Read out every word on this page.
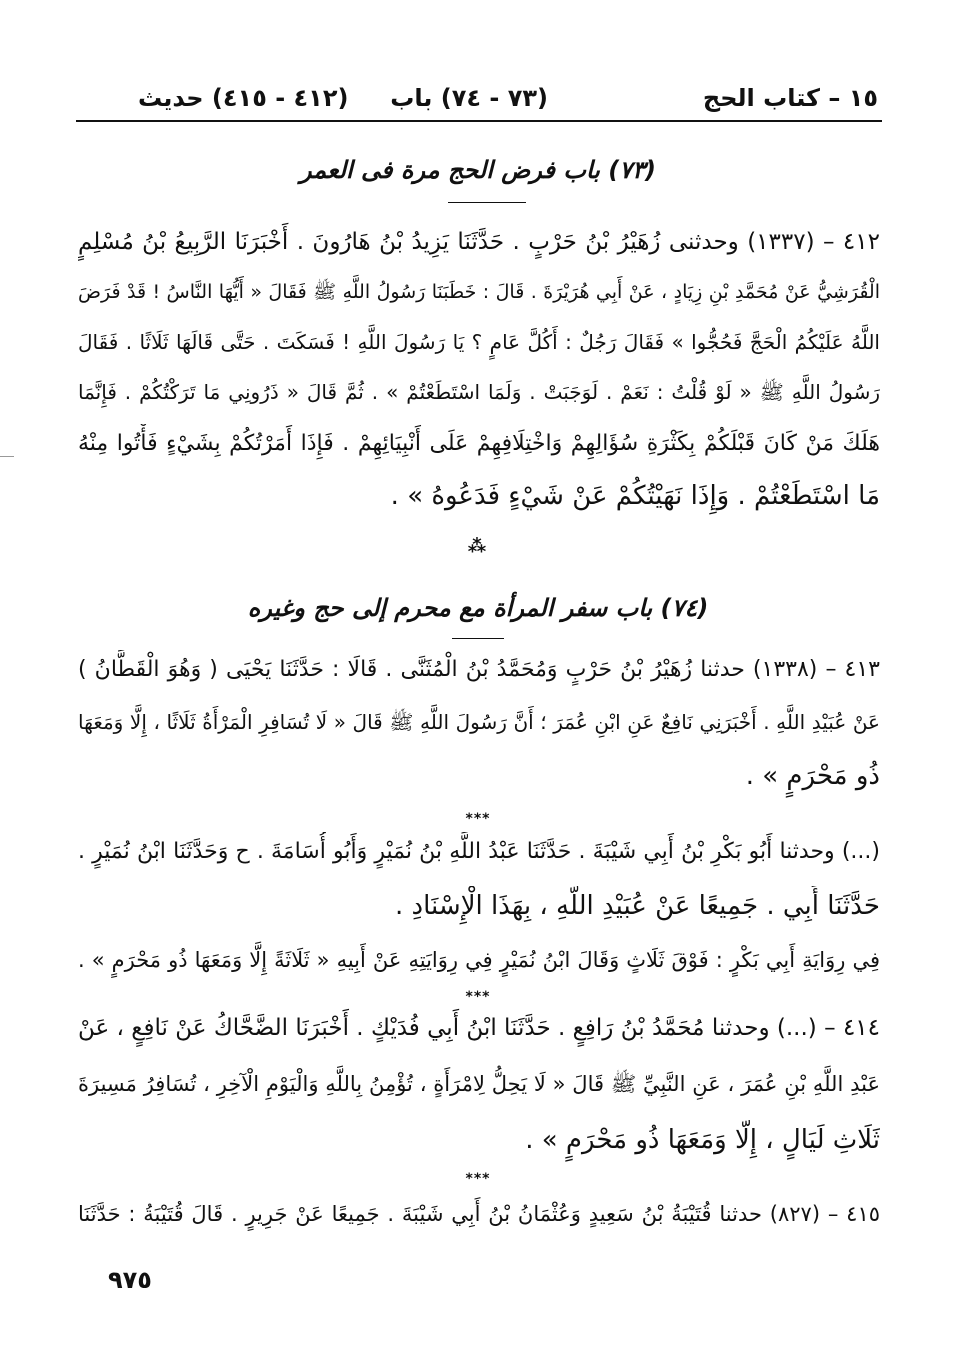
١٥ – كتاب الحج
(٧٣ - ٧٤) باب
(٤١٢ - ٤١٥) حديث
(٧٣) باب فرض الحج مرة فى العمر
٤١٢ – (١٣٣٧) وحدثنى زُهَيْرُ بْنُ حَرْبٍ . حَدَّثَنَا يَزِيدُ بْنُ هَارُونَ . أَخْبَرَنَا الرَّبِيعُ بْنُ مُسْلِمٍ
الْقُرَشِيُّ عَنْ مُحَمَّدِ بْنِ زِيَادٍ ، عَنْ أَبِي هُرَيْرَةَ . قَالَ : خَطَبَنَا رَسُولُ اللَّهِ ﷺ فَقَالَ « أَيُّهَا النَّاسُ ! قَدْ فَرَضَ
اللَّهُ عَلَيْكُمُ الْحَجَّ فَحُجُّوا » فَقَالَ رَجُلٌ : أَكُلَّ عَامٍ ؟ يَا رَسُولَ اللَّهِ ! فَسَكَتَ . حَتَّى قَالَهَا ثَلَاثًا . فَقَالَ
رَسُولُ اللَّهِ ﷺ « لَوْ قُلْتُ : نَعَمْ . لَوَجَبَتْ . وَلَمَا اسْتَطَعْتُمْ » . ثُمَّ قَالَ « ذَرُونِي مَا تَرَكْتُكُمْ . فَإِنَّمَا
هَلَكَ مَنْ كَانَ قَبْلَكُمْ بِكَثْرَةِ سُؤَالِهِمْ وَاخْتِلَافِهِمْ عَلَى أَنْبِيَائِهِمْ . فَإِذَا أَمَرْتُكُمْ بِشَيْءٍ فَأْتُوا مِنْهُ
مَا اسْتَطَعْتُمْ . وَإِذَا نَهَيْتُكُمْ عَنْ شَيْءٍ فَدَعُوهُ » .
⁂
(٧٤) باب سفر المرأة مع محرم إلى حج وغيره
٤١٣ – (١٣٣٨) حدثنا زُهَيْرُ بْنُ حَرْبٍ وَمُحَمَّدُ بْنُ الْمُثَنَّى . قَالَا : حَدَّثَنَا يَحْيَى ( وَهُوَ الْقَطَّانُ )
عَنْ عُبَيْدِ اللَّهِ . أَخْبَرَنِي نَافِعٌ عَنِ ابْنِ عُمَرَ ؛ أَنَّ رَسُولَ اللَّهِ ﷺ قَالَ « لَا تُسَافِرِ الْمَرْأَةُ ثَلَاثًا ، إِلَّا وَمَعَهَا
ذُو مَحْرَمٍ » .
***
(...) وحدثنا أَبُو بَكْرِ بْنُ أَبِي شَيْبَةَ . حَدَّثَنَا عَبْدُ اللَّهِ بْنُ نُمَيْرٍ وَأَبُو أُسَامَةَ . ح وَحَدَّثَنَا ابْنُ نُمَيْرٍ .
حَدَّثَنَا أَبِي . جَمِيعًا عَنْ عُبَيْدِ اللَّهِ ، بِهَذَا الْإِسْنَادِ .
فِي رِوَايَةِ أَبِي بَكْرٍ : فَوْقَ ثَلَاثٍ وَقَالَ ابْنُ نُمَيْرٍ فِي رِوَايَتِهِ عَنْ أَبِيهِ « ثَلَاثَةً إِلَّا وَمَعَهَا ذُو مَحْرَمٍ » .
***
٤١٤ – (...) وحدثنا مُحَمَّدُ بْنُ رَافِعٍ . حَدَّثَنَا ابْنُ أَبِي فُدَيْكٍ . أَخْبَرَنَا الضَّحَّاكُ عَنْ نَافِعٍ ، عَنْ
عَبْدِ اللَّهِ بْنِ عُمَرَ ، عَنِ النَّبِيِّ ﷺ قَالَ « لَا يَحِلُّ لِامْرَأَةٍ ، تُؤْمِنُ بِاللَّهِ وَالْيَوْمِ الْآخِرِ ، تُسَافِرُ مَسِيرَةَ
ثَلَاثِ لَيَالٍ ، إِلَّا وَمَعَهَا ذُو مَحْرَمٍ » .
***
٤١٥ – (٨٢٧) حدثنا قُتَيْبَةُ بْنُ سَعِيدٍ وَعُثْمَانُ بْنُ أَبِي شَيْبَةَ . جَمِيعًا عَنْ جَرِيرٍ . قَالَ قُتَيْبَةُ : حَدَّثَنَا
٩٧٥
